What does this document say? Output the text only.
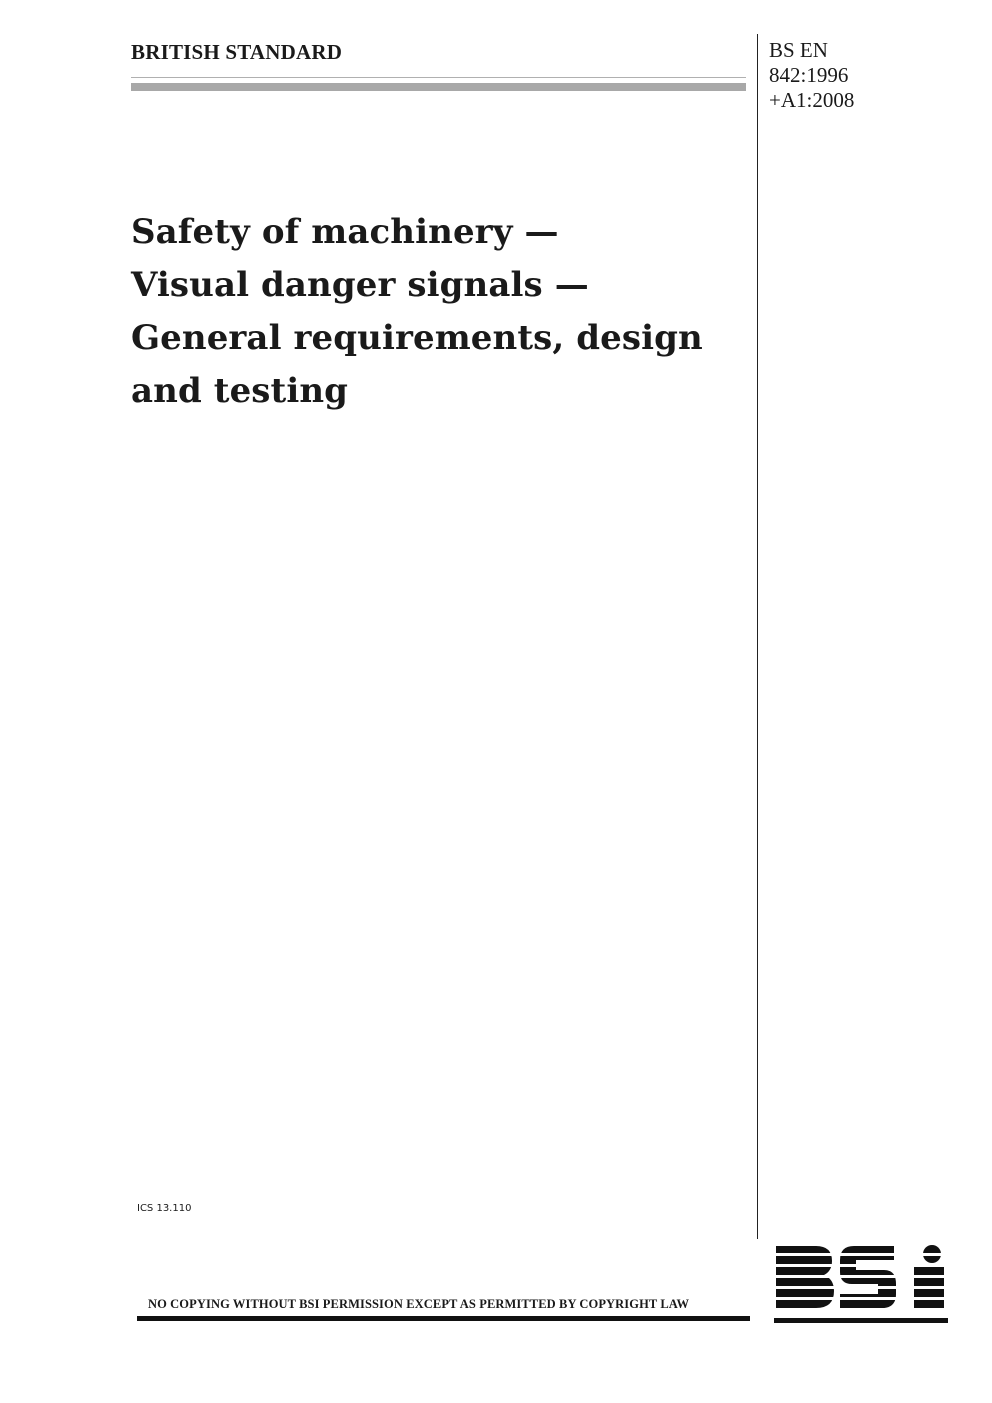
BRITISH STANDARD	BS EN
842:1996
+A1:2008
Safety of machinery —
Visual danger signals —
General requirements, design
and testing
ICS 13.110
NO COPYING WITHOUT BSI PERMISSION EXCEPT AS PERMITTED BY COPYRIGHT LAW
